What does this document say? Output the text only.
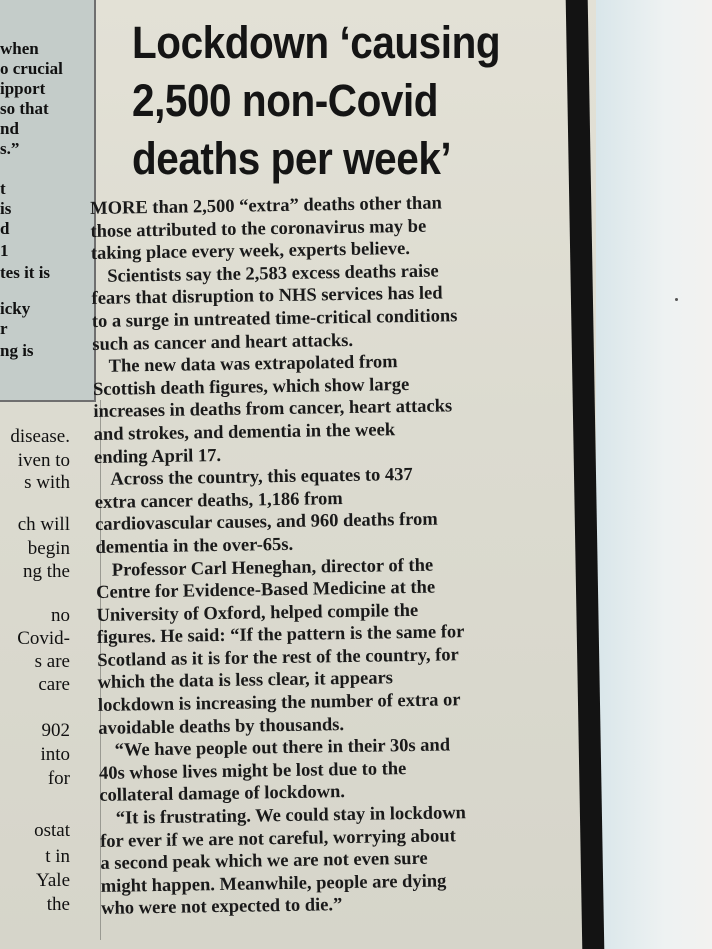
when
o crucial
ipport
so that
nd
s.”
t
is
d
1
tes it is
icky
r
ng is
disease.
iven to
s with
ch will
begin
ng the
no
Covid-
s are
care
902
into
for
ostat
t in
Yale
the
Lockdown ‘causing
2,500 non-Covid
deaths per week’
MORE than 2,500 “extra” deaths other than
those attributed to the coronavirus may be
taking place every week, experts believe.
Scientists say the 2,583 excess deaths raise
fears that disruption to NHS services has led
to a surge in untreated time-critical conditions
such as cancer and heart attacks.
The new data was extrapolated from
Scottish death figures, which show large
increases in deaths from cancer, heart attacks
and strokes, and dementia in the week
ending April 17.
Across the country, this equates to 437
extra cancer deaths, 1,186 from
cardiovascular causes, and 960 deaths from
dementia in the over-65s.
Professor Carl Heneghan, director of the
Centre for Evidence-Based Medicine at the
University of Oxford, helped compile the
figures. He said: “If the pattern is the same for
Scotland as it is for the rest of the country, for
which the data is less clear, it appears
lockdown is increasing the number of extra or
avoidable deaths by thousands.
“We have people out there in their 30s and
40s whose lives might be lost due to the
collateral damage of lockdown.
“It is frustrating. We could stay in lockdown
for ever if we are not careful, worrying about
a second peak which we are not even sure
might happen. Meanwhile, people are dying
who were not expected to die.”
